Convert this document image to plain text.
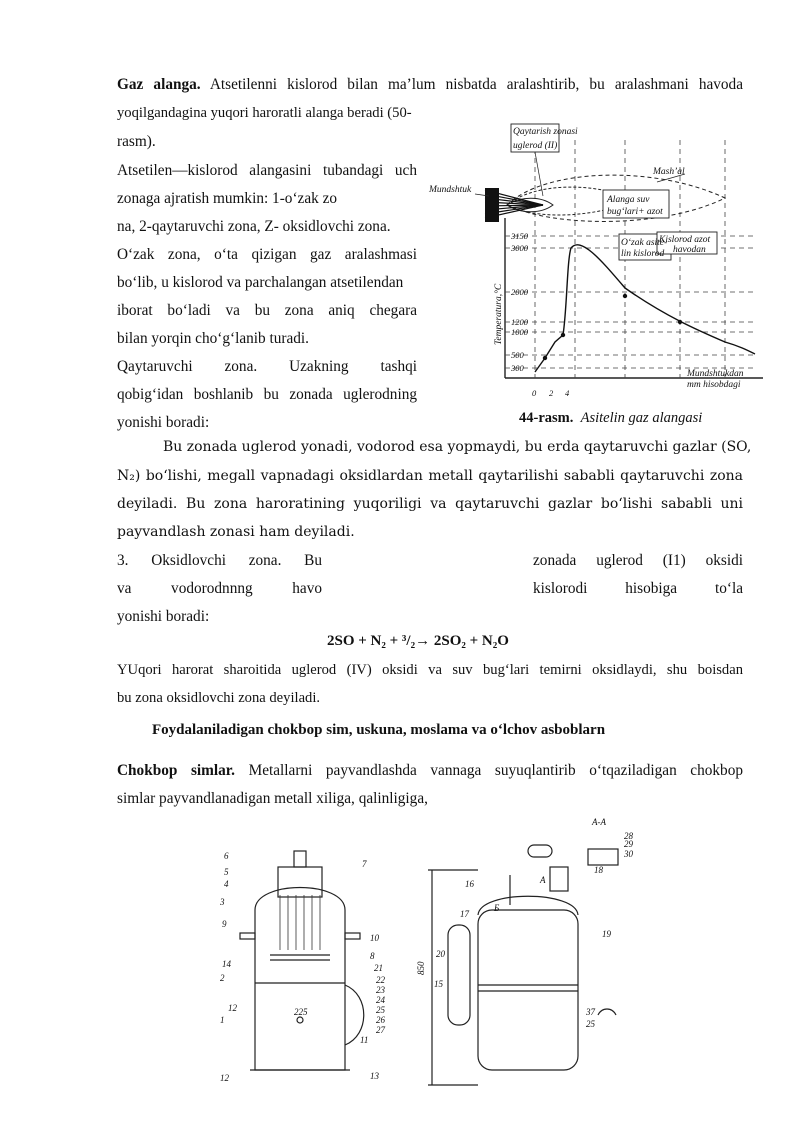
Gaz alanga. Atsetilenni kislorod bilan ma’lum nisbatda aralashtirib, bu aralashmani havoda
yoqilgandagina yuqori haroratli alanga beradi (50-
rasm).
Atsetilen—kislorod alangasini tubandagi uch
zonaga ajratish mumkin: 1-o‘zak zo
na, 2-qaytaruvchi zona, Z- oksidlovchi zona.
O‘zak zona, o‘ta qizigan gaz aralashmasi
bo‘lib, u kislorod va parchalangan atsetilendan
iborat bo‘ladi va bu zona aniq chegara
bilan yorqin cho‘g‘lanib turadi.
Qaytaruvchi zona. Uzakning tashqi
qobig‘idan boshlanib bu zonada uglerodning
yonishi boradi:
Qaytarish zonasi
uglerod (II)
Mash’al
Mundshtuk
Alanga suv
bug‘lari+ azot
O‘zak asite-
lin kislorod
Kislorod azot
havodan
Mundshtukdan
mm hisobdagi
Temperatura,°C
3150
3000
2000
1200
1000
500
300
0 2 4
44-rasm. Asitelin gaz alangasi
Bu zonada uglerod yonadi, vodorod esa yopmaydi, bu erda qaytaruvchi gazlar (SO,
N₂) bo‘lishi, megall vapnadagi oksidlardan metall qaytarilishi sababli qaytaruvchi zona
deyiladi. Bu zona haroratining yuqoriligi va qaytaruvchi gazlar bo‘lishi sababli uni
payvandlash zonasi ham deyiladi.
3. Oksidlovchi zona. Bu	zonada uglerod (I1) oksidi
va vodorodnnng havo	kislorodi hisobiga to‘la
yonishi boradi:
2SO + N₂ + ³/₂→ 2SO₂ + N₂O
YUqori harorat sharoitida uglerod (IV) oksidi va suv bug‘lari temirni oksidlaydi, shu boisdan
bu zona oksidlovchi zona deyiladi.
Foydalaniladigan chokbop sim, uskuna, moslama va o‘lchov asboblarn
Chokbop simlar. Metallarni payvandlashda vannaga suyuqlantirib o‘tqaziladigan chokbop
simlar payvandlanadigan metall xiliga, qalinligiga,
6
5
4
3
9
14
2
12
1
12
7
10
8
21
22
23
24
25
26
27
13
11
225
A-A
28
29
30
18
19
17
20
15
16	A
850
Б
37
25
